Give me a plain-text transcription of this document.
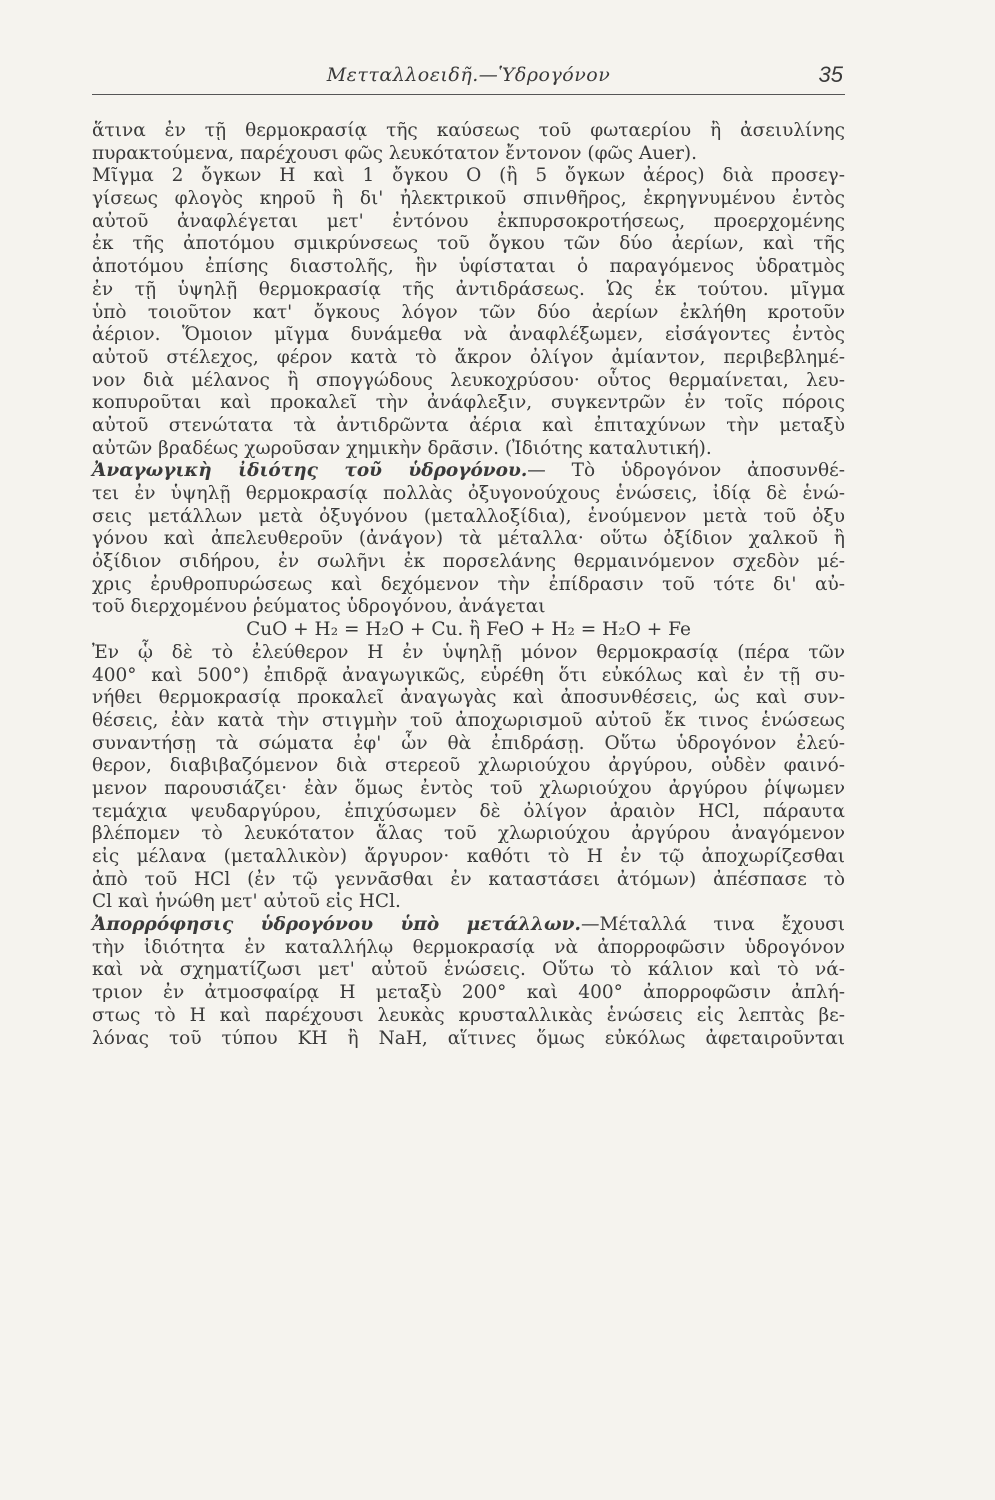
Μετταλλοειδῆ.—Ὑδρογόνον	35
ἅτινα ἐν τῇ θερμοκρασίᾳ τῆς καύσεως τοῦ φωταερίου ἢ ἀσειυλίνης
πυρακτούμενα, παρέχουσι φῶς λευκότατον ἔντονον (φῶς Auer).
Μῖγμα 2 ὄγκων H καὶ 1 ὄγκου O (ἢ 5 ὄγκων ἀέρος) διὰ προσεγ-
γίσεως φλογὸς κηροῦ ἢ δι' ἠλεκτρικοῦ σπινθῆρος, ἐκρηγνυμένου ἐντὸς
αὐτοῦ ἀναφλέγεται μετ' ἐντόνου ἐκπυρσοκροτήσεως, προερχομένης
ἐκ τῆς ἀποτόμου σμικρύνσεως τοῦ ὄγκου τῶν δύο ἀερίων, καὶ τῆς
ἀποτόμου ἐπίσης διαστολῆς, ἣν ὑφίσταται ὁ παραγόμενος ὑδρατμὸς
ἐν τῇ ὑψηλῇ θερμοκρασίᾳ τῆς ἀντιδράσεως. Ὡς ἐκ τούτου. μῖγμα
ὑπὸ τοιοῦτον κατ' ὄγκους λόγον τῶν δύο ἀερίων ἐκλήθη κροτοῦν
ἀέριον. Ὅμοιον μῖγμα δυνάμεθα νὰ ἀναφλέξωμεν, εἰσάγοντες ἐντὸς
αὐτοῦ στέλεχος, φέρον κατὰ τὸ ἄκρον ὀλίγον ἀμίαντον, περιβεβλημέ-
νον διὰ μέλανος ἢ σπογγώδους λευκοχρύσου· οὗτος θερμαίνεται, λευ-
κοπυροῦται καὶ προκαλεῖ τὴν ἀνάφλεξιν, συγκεντρῶν ἐν τοῖς πόροις
αὐτοῦ στενώτατα τὰ ἀντιδρῶντα ἀέρια καὶ ἐπιταχύνων τὴν μεταξὺ
αὐτῶν βραδέως χωροῦσαν χημικὴν δρᾶσιν. (Ἰδιότης καταλυτική).
Ἀναγωγικὴ ἰδιότης τοῦ ὑδρογόνου.— Τὸ ὑδρογόνον ἀποσυνθέ-
τει ἐν ὑψηλῇ θερμοκρασίᾳ πολλὰς ὀξυγονούχους ἑνώσεις, ἰδίᾳ δὲ ἑνώ-
σεις μετάλλων μετὰ ὀξυγόνου (μεταλλοξίδια), ἑνούμενον μετὰ τοῦ ὀξυ
γόνου καὶ ἀπελευθεροῦν (ἀνάγον) τὰ μέταλλα· οὕτω ὀξίδιον χαλκοῦ ἢ
ὀξίδιον σιδήρου, ἐν σωλῆνι ἐκ πορσελάνης θερμαινόμενον σχεδὸν μέ-
χρις ἐρυθροπυρώσεως καὶ δεχόμενον τὴν ἐπίδρασιν τοῦ τότε δι' αὐ-
τοῦ διερχομένου ῥεύματος ὑδρογόνου, ἀνάγεται
CuO + H₂ = H₂O + Cu. ἢ FeO + H₂ = H₂O + Fe
Ἐν ᾧ δὲ τὸ ἐλεύθερον H ἐν ὑψηλῇ μόνον θερμοκρασίᾳ (πέρα τῶν
400° καὶ 500°) ἐπιδρᾷ ἀναγωγικῶς, εὑρέθη ὅτι εὐκόλως καὶ ἐν τῇ συ-
νήθει θερμοκρασίᾳ προκαλεῖ ἀναγωγὰς καὶ ἀποσυνθέσεις, ὡς καὶ συν-
θέσεις, ἐὰν κατὰ τὴν στιγμὴν τοῦ ἀποχωρισμοῦ αὐτοῦ ἔκ τινος ἑνώσεως
συναντήσῃ τὰ σώματα ἐφ' ὧν θὰ ἐπιδράσῃ. Οὕτω ὑδρογόνον ἐλεύ-
θερον, διαβιβαζόμενον διὰ στερεοῦ χλωριούχου ἀργύρου, οὐδὲν φαινό-
μενον παρουσιάζει· ἐὰν ὅμως ἐντὸς τοῦ χλωριούχου ἀργύρου ῥίψωμεν
τεμάχια ψευδαργύρου, ἐπιχύσωμεν δὲ ὀλίγον ἀραιὸν HCl, πάραυτα
βλέπομεν τὸ λευκότατον ἅλας τοῦ χλωριούχου ἀργύρου ἀναγόμενον
εἰς μέλανα (μεταλλικὸν) ἄργυρον· καθότι τὸ H ἐν τῷ ἀποχωρίζεσθαι
ἀπὸ τοῦ HCl (ἐν τῷ γεννᾶσθαι ἐν καταστάσει ἀτόμων) ἀπέσπασε τὸ
Cl καὶ ἡνώθη μετ' αὐτοῦ εἰς HCl.
Ἀπορρόφησις ὑδρογόνου ὑπὸ μετάλλων.—Μέταλλά τινα ἔχουσι
τὴν ἰδιότητα ἐν καταλλήλῳ θερμοκρασίᾳ νὰ ἀπορροφῶσιν ὑδρογόνον
καὶ νὰ σχηματίζωσι μετ' αὐτοῦ ἑνώσεις. Οὕτω τὸ κάλιον καὶ τὸ νά-
τριον ἐν ἀτμοσφαίρᾳ H μεταξὺ 200° καὶ 400° ἀπορροφῶσιν ἀπλή-
στως τὸ H καὶ παρέχουσι λευκὰς κρυσταλλικὰς ἑνώσεις εἰς λεπτὰς βε-
λόνας τοῦ τύπου KH ἢ NaH, αἵτινες ὅμως εὐκόλως ἀφεταιροῦνται
